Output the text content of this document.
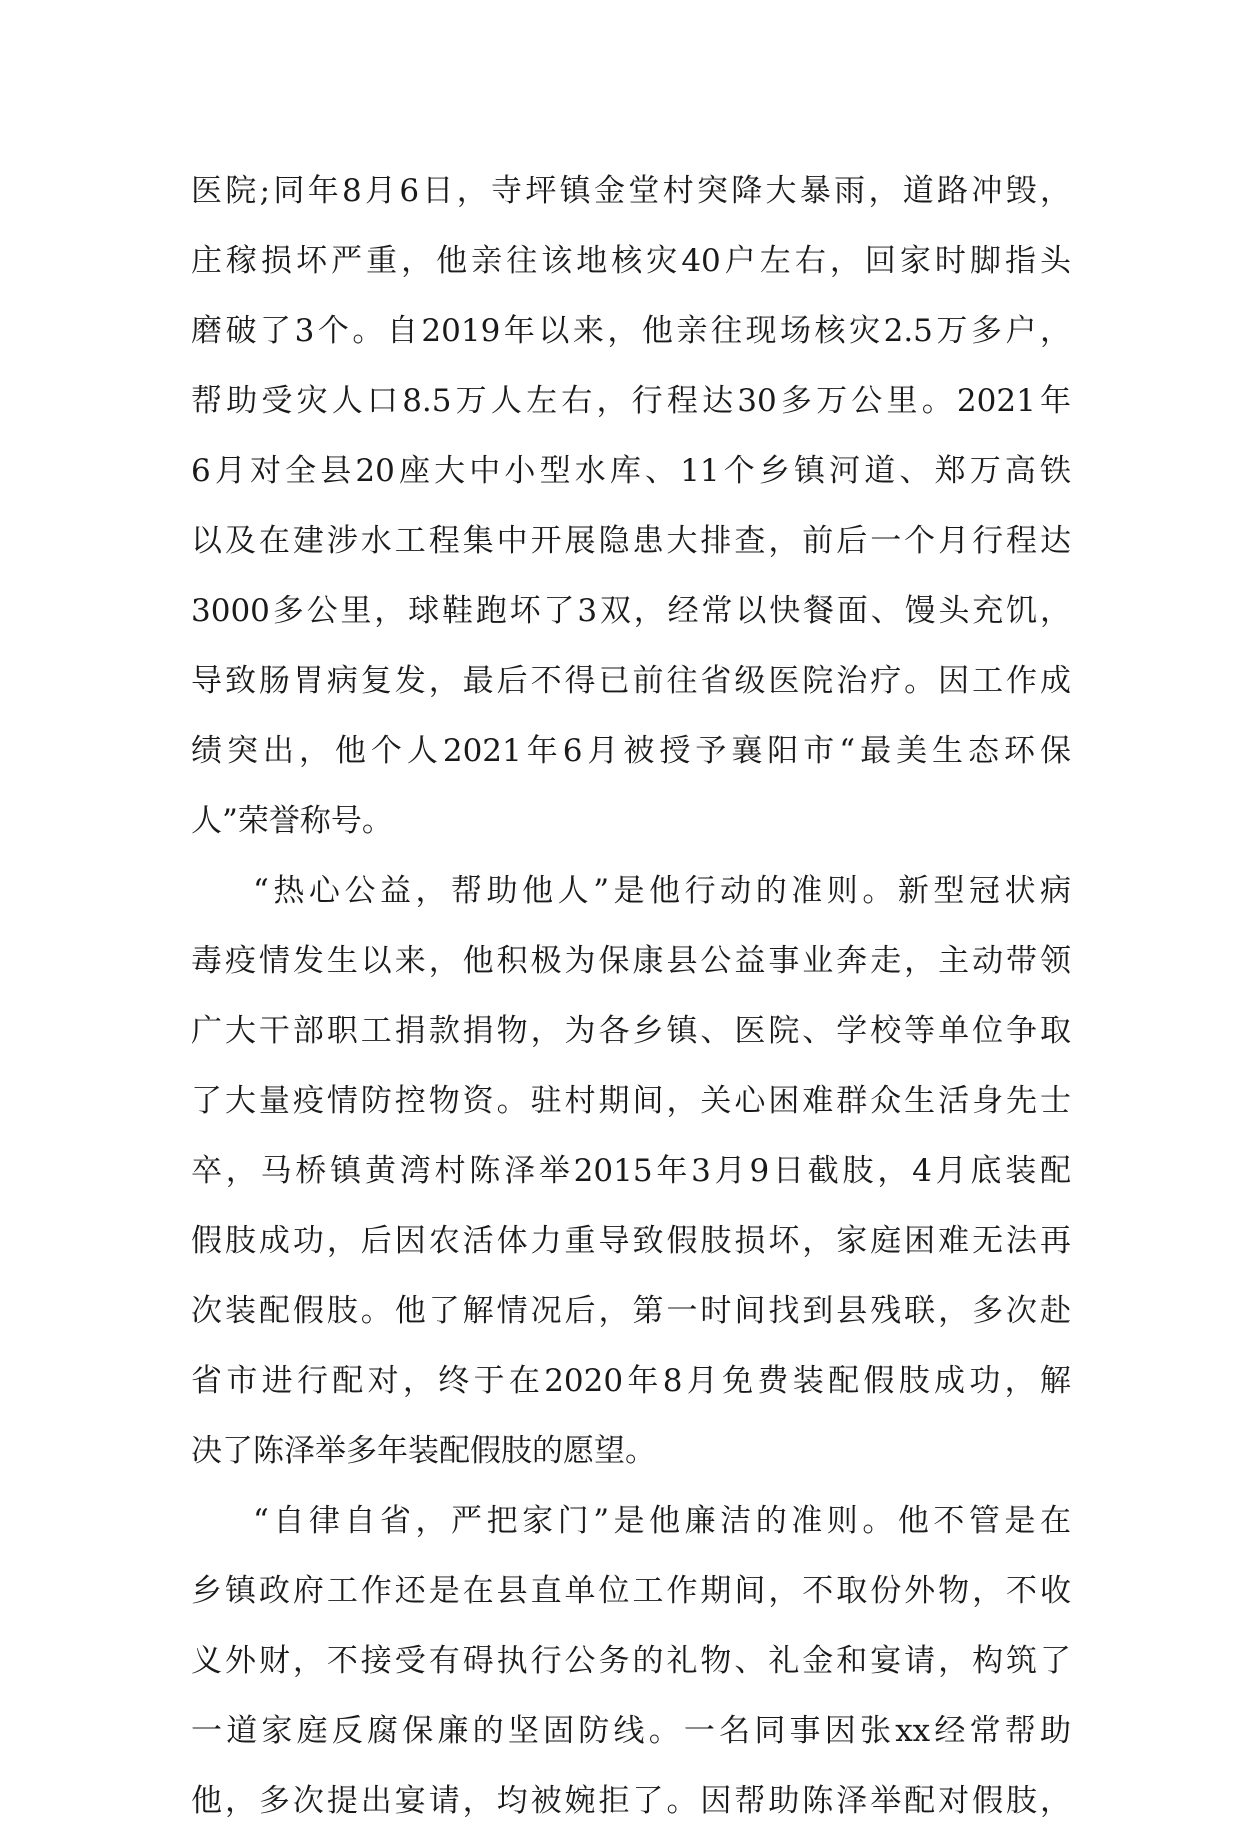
医院;同年8月6日，寺坪镇金堂村突降大暴雨，道路冲毁，
庄稼损坏严重，他亲往该地核灾40户左右，回家时脚指头
磨破了3个。自2019年以来，他亲往现场核灾2.5万多户，
帮助受灾人口8.5万人左右，行程达30多万公里。2021年
6月对全县20座大中小型水库、11个乡镇河道、郑万高铁
以及在建涉水工程集中开展隐患大排查，前后一个月行程达
3000多公里，球鞋跑坏了3双，经常以快餐面、馒头充饥，
导致肠胃病复发，最后不得已前往省级医院治疗。因工作成
绩突出，他个人2021年6月被授予襄阳市“最美生态环保
人”荣誉称号。
“热心公益，帮助他人”是他行动的准则。新型冠状病
毒疫情发生以来，他积极为保康县公益事业奔走，主动带领
广大干部职工捐款捐物，为各乡镇、医院、学校等单位争取
了大量疫情防控物资。驻村期间，关心困难群众生活身先士
卒，马桥镇黄湾村陈泽举2015年3月9日截肢，4月底装配
假肢成功，后因农活体力重导致假肢损坏，家庭困难无法再
次装配假肢。他了解情况后，第一时间找到县残联，多次赴
省市进行配对，终于在2020年8月免费装配假肢成功，解
决了陈泽举多年装配假肢的愿望。
“自律自省，严把家门”是他廉洁的准则。他不管是在
乡镇政府工作还是在县直单位工作期间，不取份外物，不收
义外财，不接受有碍执行公务的礼物、礼金和宴请，构筑了
一道家庭反腐保廉的坚固防线。一名同事因张xx经常帮助
他，多次提出宴请，均被婉拒了。因帮助陈泽举配对假肢，
